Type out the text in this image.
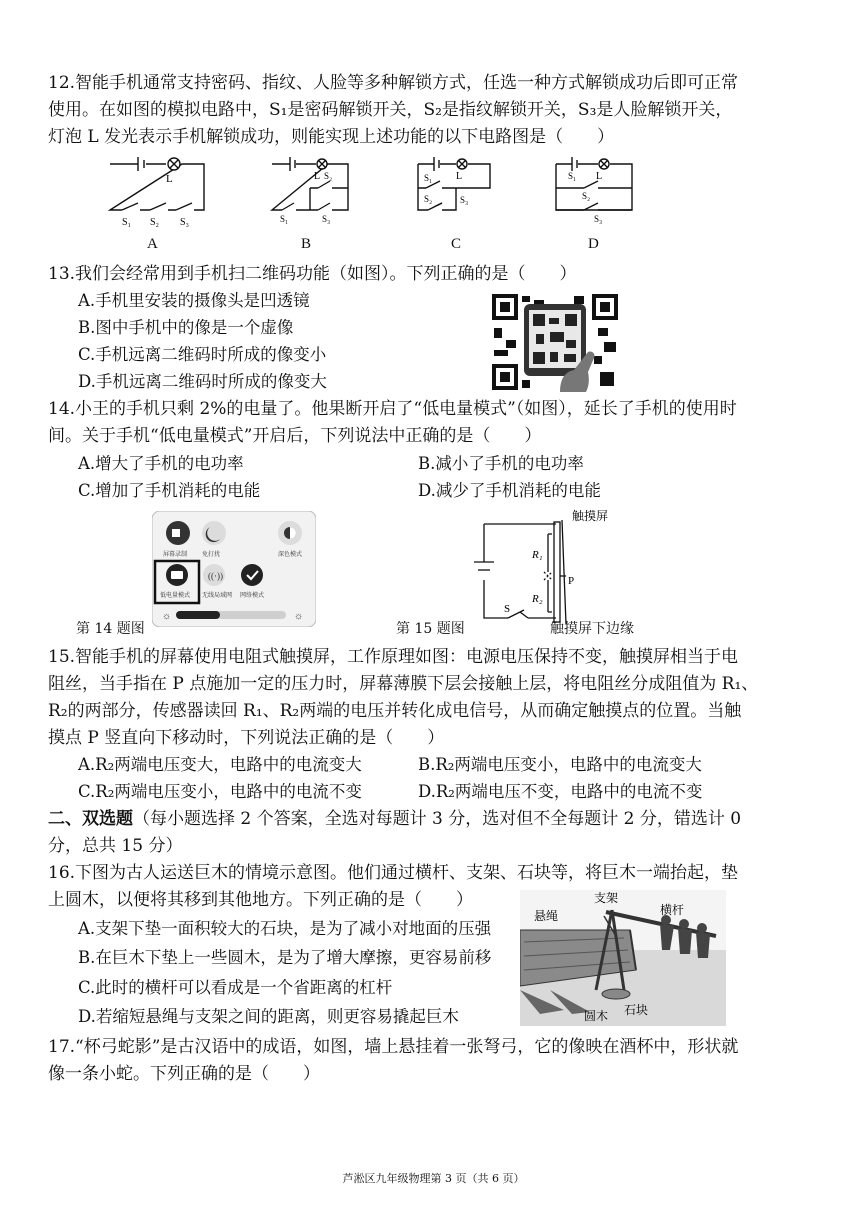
12.智能手机通常支持密码、指纹、人脸等多种解锁方式，任选一种方式解锁成功后即可正常
使用。在如图的模拟电路中，S₁是密码解锁开关，S₂是指纹解锁开关，S₃是人脸解锁开关，
灯泡 L 发光表示手机解锁成功，则能实现上述功能的以下电路图是（　　）
L
S₁ S₂ S₃
A
L S₂
S₁	S₃
B
L
S₁
S₂	S₃
C
L
S₁
S₂
S₃
D
13.我们会经常用到手机扫二维码功能（如图）。下列正确的是（　　）
A.手机里安装的摄像头是凹透镜
B.图中手机中的像是一个虚像
C.手机远离二维码时所成的像变小
D.手机远离二维码时所成的像变大
14.小王的手机只剩 2%的电量了。他果断开启了“低电量模式”（如图），延长了手机的使用时
间。关于手机“低电量模式”开启后，下列说法中正确的是（　　）
A.增大了手机的电功率	B.减小了手机的电功率
C.增加了手机消耗的电能	D.减少了手机消耗的电能
屏幕录制 免打扰	深色模式
((·))
低电量模式 无线局域网 网络模式
☼	☼
第 14 题图
触摸屏
R₁
P
R₂
S
第 15 题图	触摸屏下边缘
15.智能手机的屏幕使用电阻式触摸屏，工作原理如图：电源电压保持不变，触摸屏相当于电
阻丝，当手指在 P 点施加一定的压力时，屏幕薄膜下层会接触上层，将电阻丝分成阻值为 R₁、
R₂的两部分，传感器读回 R₁、R₂两端的电压并转化成电信号，从而确定触摸点的位置。当触
摸点 P 竖直向下移动时，下列说法正确的是（　　）
A.R₂两端电压变大，电路中的电流变大	B.R₂两端电压变小，电路中的电流变大
C.R₂两端电压变小，电路中的电流不变	D.R₂两端电压不变，电路中的电流不变
二、双选题（每小题选择 2 个答案，全选对每题计 3 分，选对但不全每题计 2 分，错选计 0
分，总共 15 分）
16.下图为古人运送巨木的情境示意图。他们通过横杆、支架、石块等，将巨木一端抬起，垫
上圆木，以便将其移到其他地方。下列正确的是（　　）
A.支架下垫一面积较大的石块，是为了减小对地面的压强
B.在巨木下垫上一些圆木，是为了增大摩擦，更容易前移
C.此时的横杆可以看成是一个省距离的杠杆
D.若缩短悬绳与支架之间的距离，则更容易撬起巨木
支架
悬绳	横杆
圆木 石块
17.“杯弓蛇影”是古汉语中的成语，如图，墙上悬挂着一张弩弓，它的像映在酒杯中，形状就
像一条小蛇。下列正确的是（　　）
芦淞区九年级物理第 3 页（共 6 页）
